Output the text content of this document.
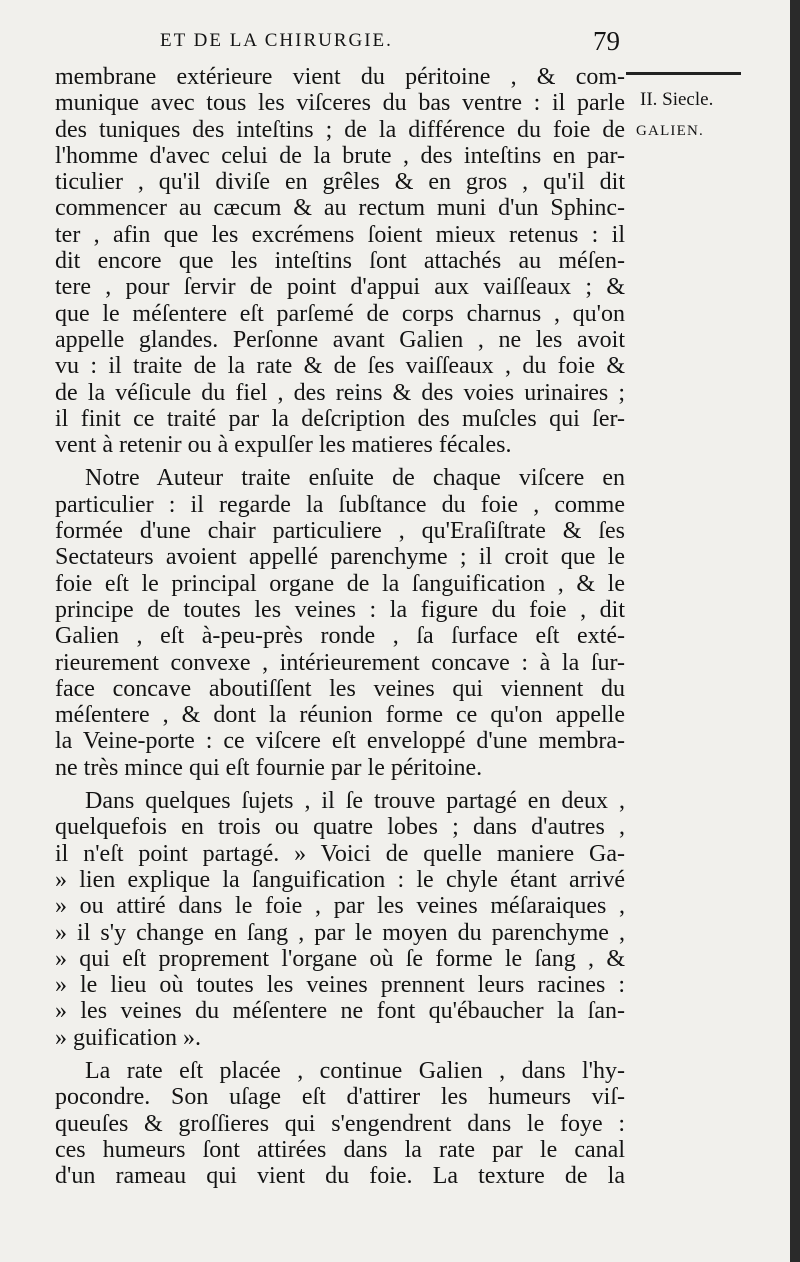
ET DE LA CHIRURGIE.	79
II. Siecle.
GALIEN.
membrane extérieure vient du péritoine , & com-
munique avec tous les viſceres du bas ventre : il parle
des tuniques des inteſtins ; de la différence du foie de
l'homme d'avec celui de la brute , des inteſtins en par-
ticulier , qu'il diviſe en grêles & en gros , qu'il dit
commencer au cæcum & au rectum muni d'un Sphinc-
ter , afin que les excrémens ſoient mieux retenus : il
dit encore que les inteſtins ſont attachés au méſen-
tere , pour ſervir de point d'appui aux vaiſſeaux ; &
que le méſentere eſt parſemé de corps charnus , qu'on
appelle glandes. Perſonne avant Galien , ne les avoit
vu : il traite de la rate & de ſes vaiſſeaux , du foie &
de la véſicule du fiel , des reins & des voies urinaires ;
il finit ce traité par la deſcription des muſcles qui ſer-
vent à retenir ou à expulſer les matieres fécales.
Notre Auteur traite enſuite de chaque viſcere en
particulier : il regarde la ſubſtance du foie , comme
formée d'une chair particuliere , qu'Eraſiſtrate & ſes
Sectateurs avoient appellé parenchyme ; il croit que le
foie eſt le principal organe de la ſanguification , & le
principe de toutes les veines : la figure du foie , dit
Galien , eſt à-peu-près ronde , ſa ſurface eſt exté-
rieurement convexe , intérieurement concave : à la ſur-
face concave aboutiſſent les veines qui viennent du
méſentere , & dont la réunion forme ce qu'on appelle
la Veine-porte : ce viſcere eſt enveloppé d'une membra-
ne très mince qui eſt fournie par le péritoine.
Dans quelques ſujets , il ſe trouve partagé en deux ,
quelquefois en trois ou quatre lobes ; dans d'autres ,
il n'eſt point partagé. » Voici de quelle maniere Ga-
» lien explique la ſanguification : le chyle étant arrivé
» ou attiré dans le foie , par les veines méſaraiques ,
» il s'y change en ſang , par le moyen du parenchyme ,
» qui eſt proprement l'organe où ſe forme le ſang , &
» le lieu où toutes les veines prennent leurs racines :
» les veines du méſentere ne font qu'ébaucher la ſan-
» guification ».
La rate eſt placée , continue Galien , dans l'hy-
pocondre. Son uſage eſt d'attirer les humeurs viſ-
queuſes & groſſieres qui s'engendrent dans le foye :
ces humeurs ſont attirées dans la rate par le canal
d'un rameau qui vient du foie. La texture de la
